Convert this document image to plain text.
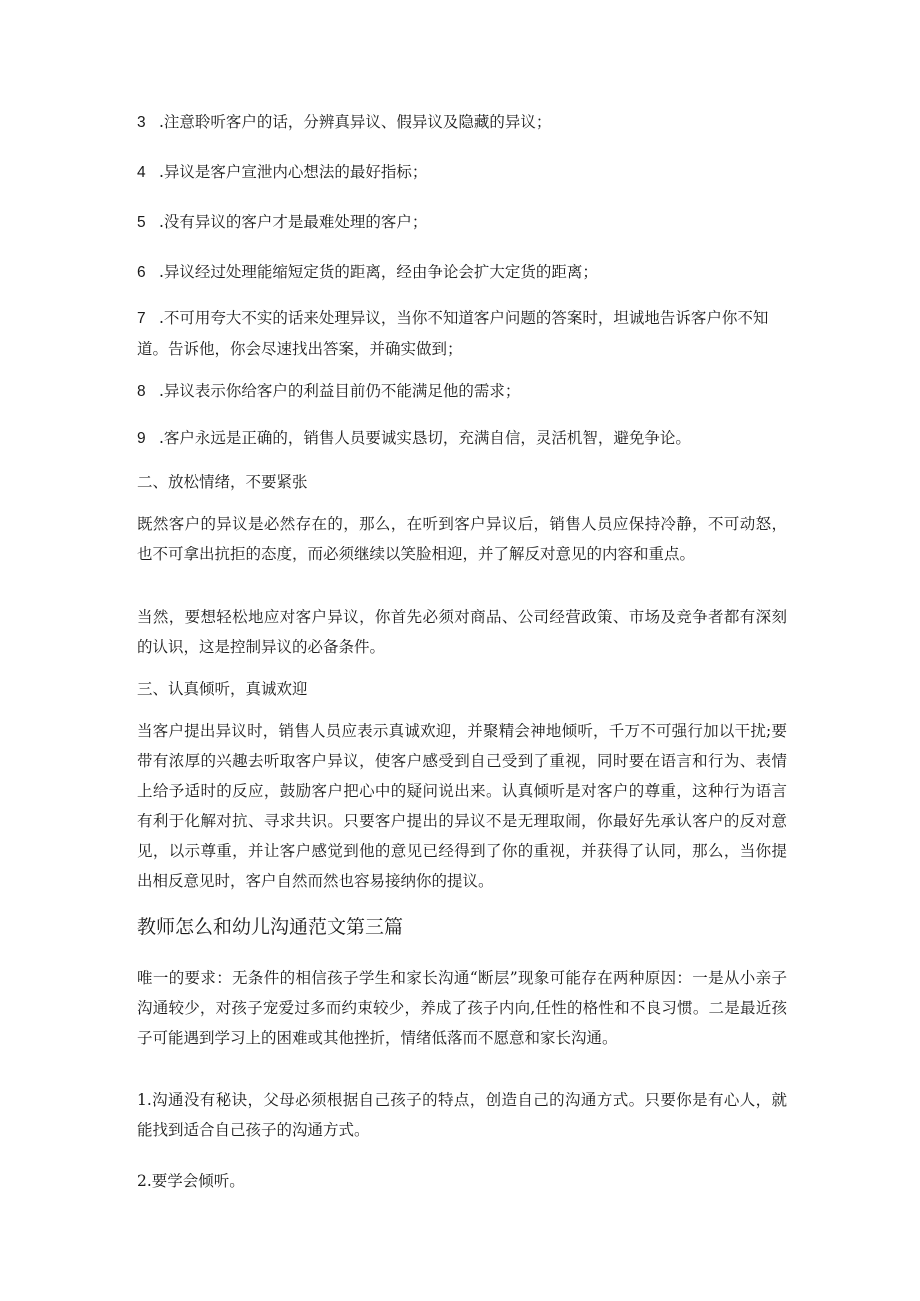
3 .注意聆听客户的话，分辨真异议、假异议及隐藏的异议；

4 .异议是客户宣泄内心想法的最好指标；

5 .没有异议的客户才是最难处理的客户；

6 .异议经过处理能缩短定货的距离，经由争论会扩大定货的距离；

7 .不可用夸大不实的话来处理异议，当你不知道客户问题的答案时，坦诚地告诉客户你不知道。告诉他，你会尽速找出答案，并确实做到；

8 .异议表示你给客户的利益目前仍不能满足他的需求；

9 .客户永远是正确的，销售人员要诚实恳切，充满自信，灵活机智，避免争论。

二、放松情绪，不要紧张

既然客户的异议是必然存在的，那么，在听到客户异议后，销售人员应保持冷静，不可动怒，也不可拿出抗拒的态度，而必须继续以笑脸相迎，并了解反对意见的内容和重点。

当然，要想轻松地应对客户异议，你首先必须对商品、公司经营政策、市场及竞争者都有深刻的认识，这是控制异议的必备条件。

三、认真倾听，真诚欢迎

当客户提出异议时，销售人员应表示真诚欢迎，并聚精会神地倾听，千万不可强行加以干扰;要带有浓厚的兴趣去听取客户异议，使客户感受到自己受到了重视，同时要在语言和行为、表情上给予适时的反应，鼓励客户把心中的疑问说出来。认真倾听是对客户的尊重，这种行为语言有利于化解对抗、寻求共识。只要客户提出的异议不是无理取闹，你最好先承认客户的反对意见，以示尊重，并让客户感觉到他的意见已经得到了你的重视，并获得了认同，那么，当你提出相反意见时，客户自然而然也容易接纳你的提议。

教师怎么和幼儿沟通范文第三篇

唯一的要求：无条件的相信孩子学生和家长沟通“断层”现象可能存在两种原因：一是从小亲子沟通较少，对孩子宠爱过多而约束较少，养成了孩子内向,任性的格性和不良习惯。二是最近孩子可能遇到学习上的困难或其他挫折，情绪低落而不愿意和家长沟通。

1.沟通没有秘诀，父母必须根据自己孩子的特点，创造自己的沟通方式。只要你是有心人，就能找到适合自己孩子的沟通方式。

2.要学会倾听。
